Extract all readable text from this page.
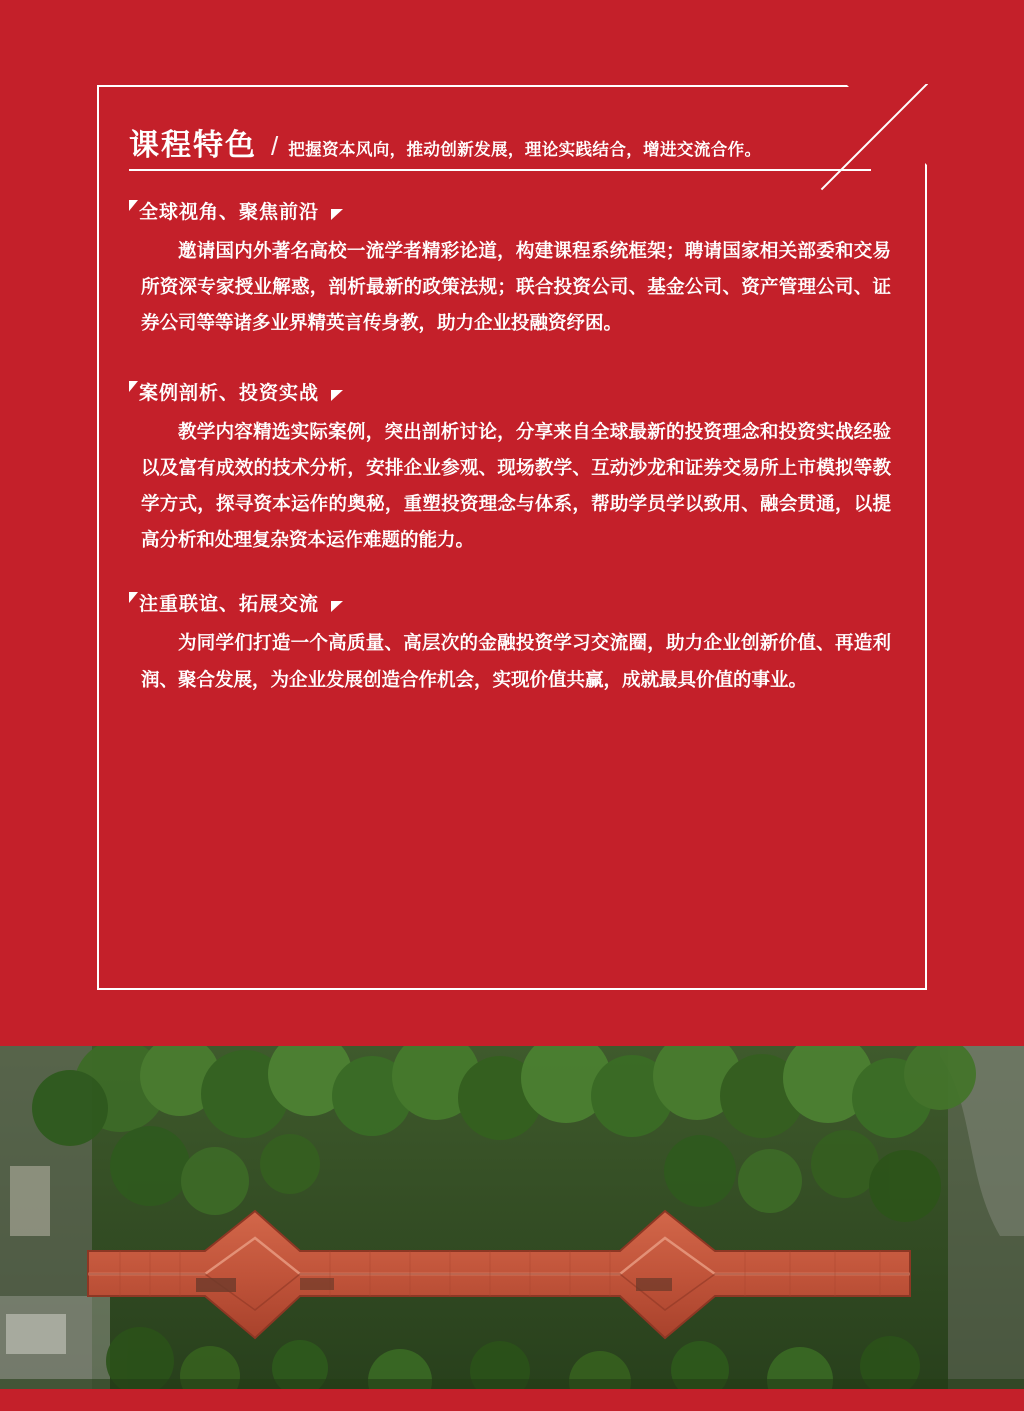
课程特色 / 把握资本风向，推动创新发展，理论实践结合，增进交流合作。
全球视角、聚焦前沿
邀请国内外著名高校一流学者精彩论道，构建课程系统框架；聘请国家相关部委和交易所资深专家授业解惑，剖析最新的政策法规；联合投资公司、基金公司、资产管理公司、证券公司等等诸多业界精英言传身教，助力企业投融资纾困。
案例剖析、投资实战
教学内容精选实际案例，突出剖析讨论，分享来自全球最新的投资理念和投资实战经验以及富有成效的技术分析，安排企业参观、现场教学、互动沙龙和证券交易所上市模拟等教学方式，探寻资本运作的奥秘，重塑投资理念与体系，帮助学员学以致用、融会贯通，以提高分析和处理复杂资本运作难题的能力。
注重联谊、拓展交流
为同学们打造一个高质量、高层次的金融投资学习交流圈，助力企业创新价值、再造利润、聚合发展，为企业发展创造合作机会，实现价值共赢，成就最具价值的事业。
